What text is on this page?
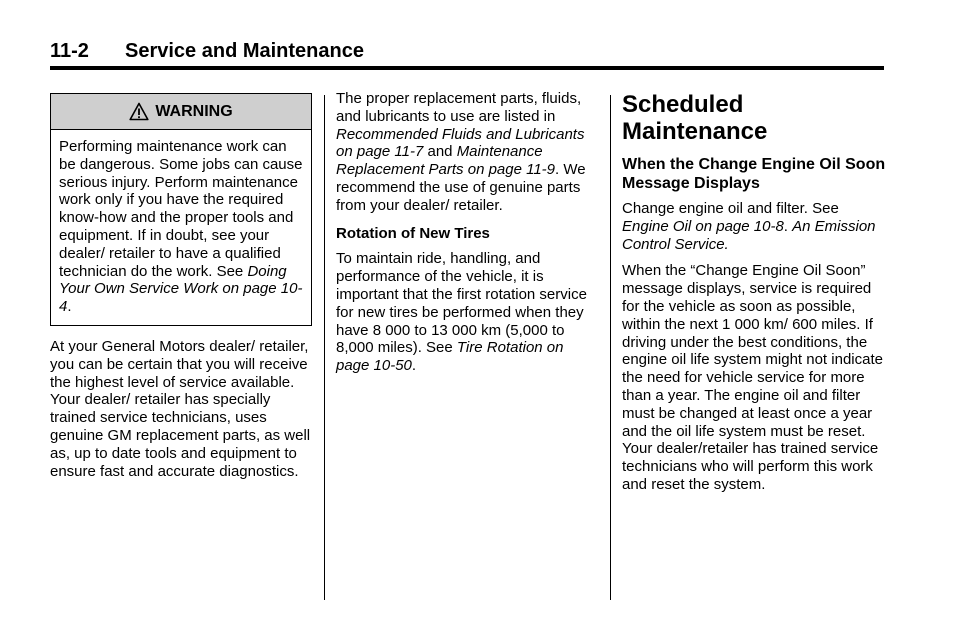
11-2 Service and Maintenance
WARNING
Performing maintenance work can be dangerous. Some jobs can cause serious injury. Perform maintenance work only if you have the required know-how and the proper tools and equipment. If in doubt, see your dealer/ retailer to have a qualified technician do the work. See Doing Your Own Service Work on page 10-4.

At your General Motors dealer/ retailer, you can be certain that you will receive the highest level of service available. Your dealer/ retailer has specially trained service technicians, uses genuine GM replacement parts, as well as, up to date tools and equipment to ensure fast and accurate diagnostics.

The proper replacement parts, fluids, and lubricants to use are listed in Recommended Fluids and Lubricants on page 11-7 and Maintenance Replacement Parts on page 11-9. We recommend the use of genuine parts from your dealer/ retailer.

Rotation of New Tires

To maintain ride, handling, and performance of the vehicle, it is important that the first rotation service for new tires be performed when they have 8 000 to 13 000 km (5,000 to 8,000 miles). See Tire Rotation on page 10-50.

Scheduled Maintenance
When the Change Engine Oil Soon Message Displays

Change engine oil and filter. See Engine Oil on page 10-8. An Emission Control Service.

When the “Change Engine Oil Soon” message displays, service is required for the vehicle as soon as possible, within the next 1 000 km/ 600 miles. If driving under the best conditions, the engine oil life system might not indicate the need for vehicle service for more than a year. The engine oil and filter must be changed at least once a year and the oil life system must be reset. Your dealer/retailer has trained service technicians who will perform this work and reset the system.
